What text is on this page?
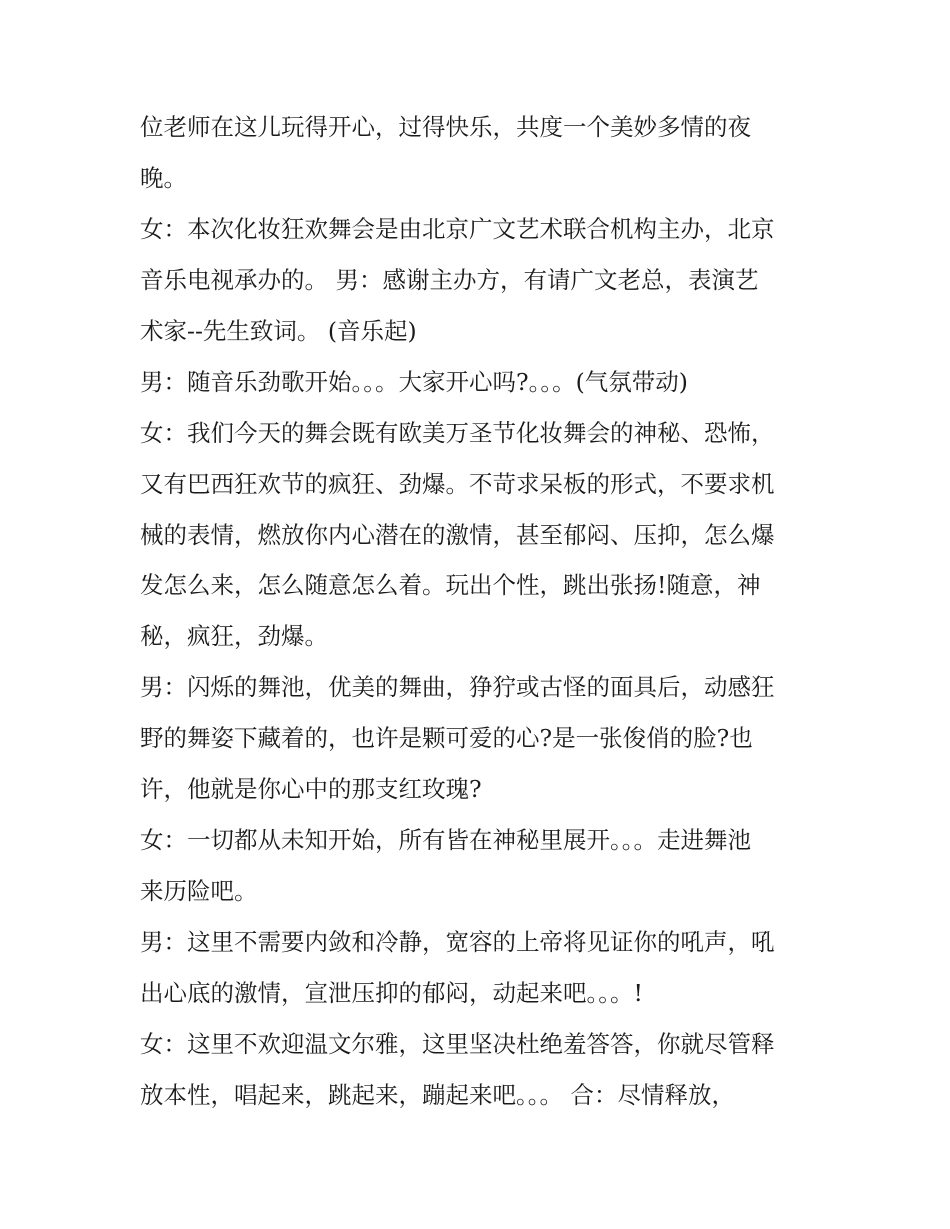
位老师在这儿玩得开心，过得快乐，共度一个美妙多情的夜
晚。
女：本次化妆狂欢舞会是由北京广文艺术联合机构主办，北京
音乐电视承办的。 男：感谢主办方，有请广文老总，表演艺
术家--先生致词。 (音乐起)
男：随音乐劲歌开始。。。大家开心吗?。。。(气氛带动)
女：我们今天的舞会既有欧美万圣节化妆舞会的神秘、恐怖，
又有巴西狂欢节的疯狂、劲爆。不苛求呆板的形式，不要求机
械的表情，燃放你内心潜在的激情，甚至郁闷、压抑，怎么爆
发怎么来，怎么随意怎么着。玩出个性，跳出张扬!随意，神
秘，疯狂，劲爆。
男：闪烁的舞池，优美的舞曲，狰狞或古怪的面具后，动感狂
野的舞姿下藏着的，也许是颗可爱的心?是一张俊俏的脸?也
许，他就是你心中的那支红玫瑰?
女：一切都从未知开始，所有皆在神秘里展开。。。走进舞池
来历险吧。
男：这里不需要内敛和冷静，宽容的上帝将见证你的吼声，吼
出心底的激情，宣泄压抑的郁闷，动起来吧。。。!
女：这里不欢迎温文尔雅，这里坚决杜绝羞答答，你就尽管释
放本性，唱起来，跳起来，蹦起来吧。。。 合：尽情释放，
